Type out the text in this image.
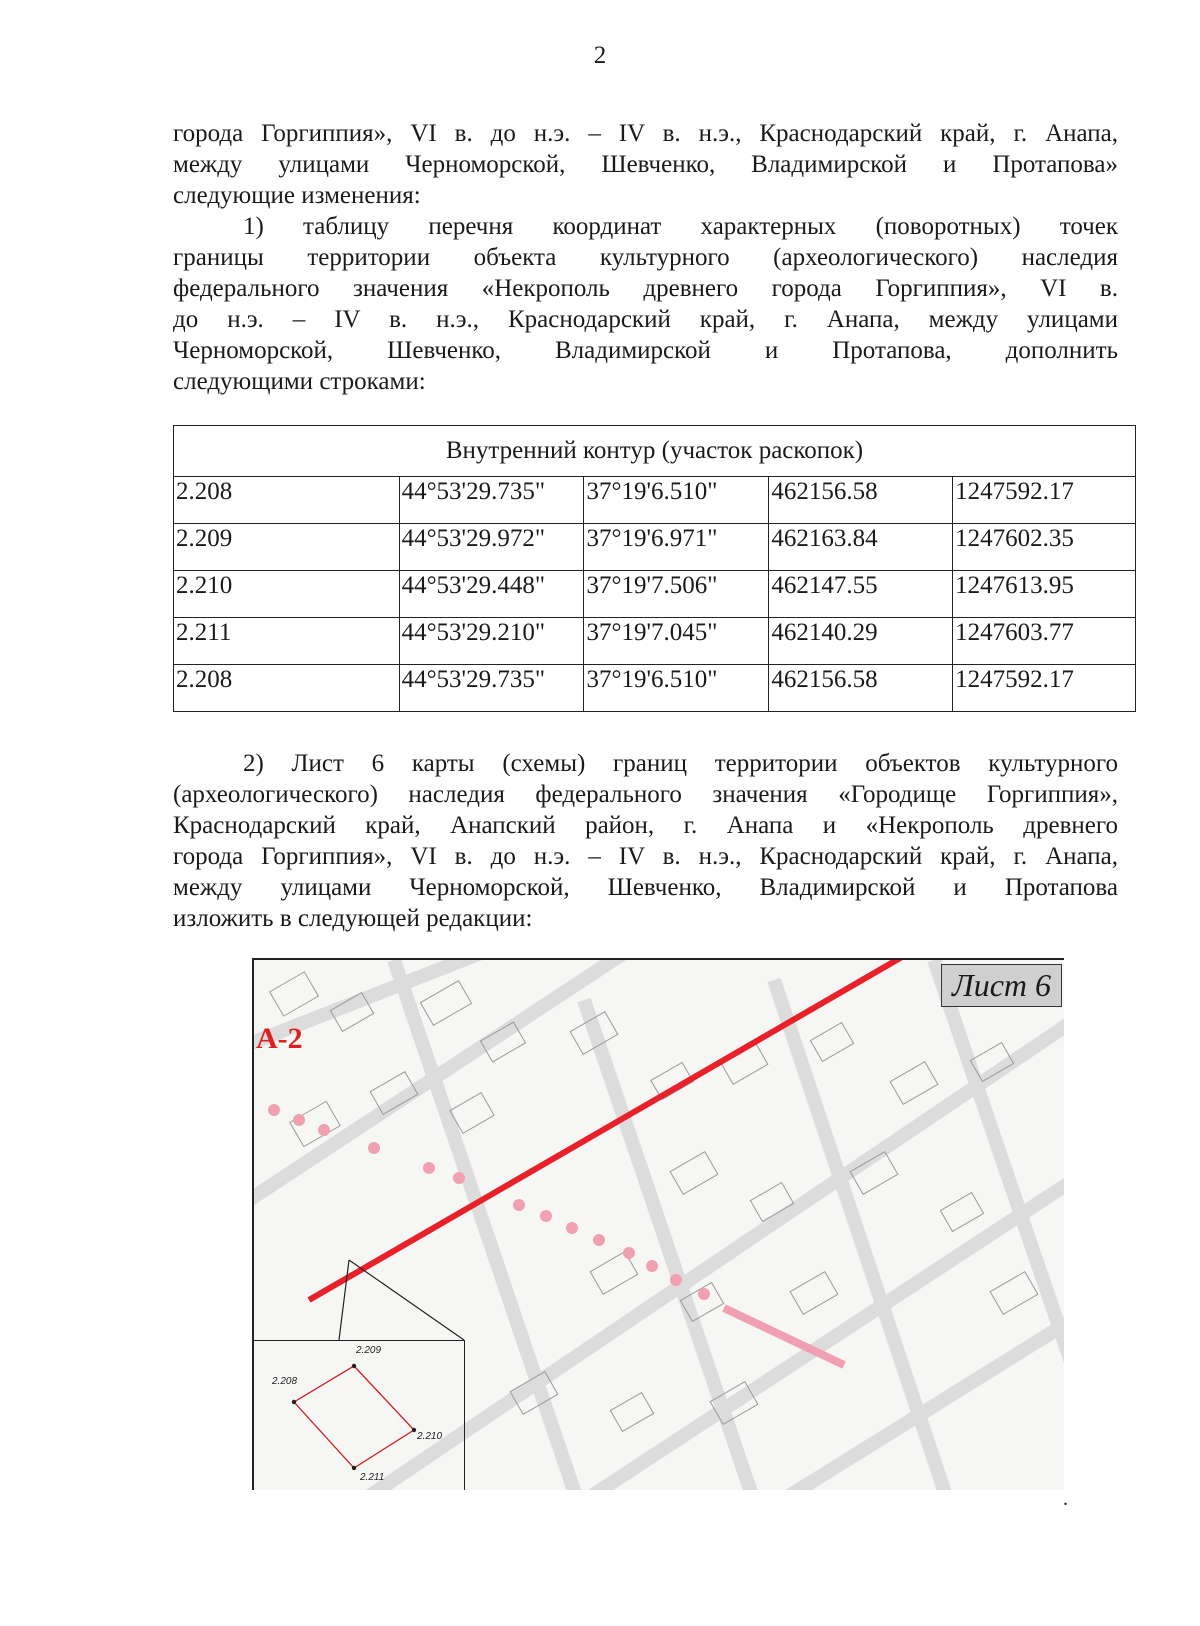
2
города Горгиппия», VI в. до н.э. – IV в. н.э., Краснодарский край, г. Анапа,
между улицами Черноморской, Шевченко, Владимирской и Протапова»
следующие изменения:
1) таблицу перечня координат характерных (поворотных) точек
границы территории объекта культурного (археологического) наследия
федерального значения «Некрополь древнего города Горгиппия», VI в.
до н.э. – IV в. н.э., Краснодарский край, г. Анапа, между улицами
Черноморской, Шевченко, Владимирской и Протапова, дополнить
следующими строками:
Внутренний контур (участок раскопок)				
2.208	44°53'29.735"	37°19'6.510"	462156.58	1247592.17
2.209	44°53'29.972"	37°19'6.971"	462163.84	1247602.35
2.210	44°53'29.448"	37°19'7.506"	462147.55	1247613.95
2.211	44°53'29.210"	37°19'7.045"	462140.29	1247603.77
2.208	44°53'29.735"	37°19'6.510"	462156.58	1247592.17
2) Лист 6 карты (схемы) границ территории объектов культурного
(археологического) наследия федерального значения «Городище Горгиппия»,
Краснодарский край, Анапский район, г. Анапа и «Некрополь древнего
города Горгиппия», VI в. до н.э. – IV в. н.э., Краснодарский край, г. Анапа,
между улицами Черноморской, Шевченко, Владимирской и Протапова
изложить в следующей редакции:
Лист 6
А-2
2.208
2.209
2.210
2.211
.
